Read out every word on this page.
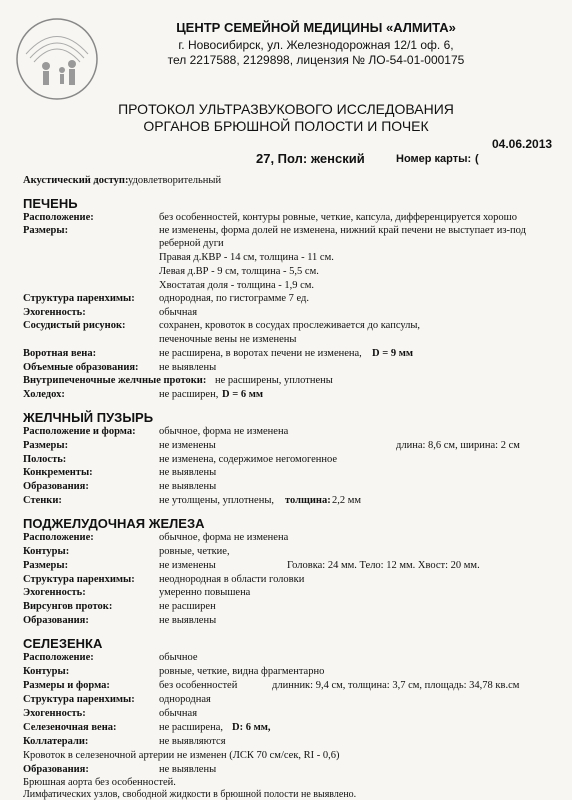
ЦЕНТР СЕМЕЙНОЙ МЕДИЦИНЫ «АЛМИТА»
г. Новосибирск, ул. Железнодорожная 12/1 оф. 6,
тел 2217588, 2129898, лицензия № ЛО-54-01-000175
ПРОТОКОЛ УЛЬТРАЗВУКОВОГО ИССЛЕДОВАНИЯ
ОРГАНОВ БРЮШНОЙ ПОЛОСТИ И ПОЧЕК
04.06.2013
27, Пол: женский	Номер карты: (
Акустический доступ: удовлетворительный
ПЕЧЕНЬ
Расположение:	без особенностей, контуры ровные, четкие, капсула, дифференцируется хорошо
Размеры:	не изменены, форма долей не изменена, нижний край печени не выступает из-под
реберной дуги
Правая д.КВР - 14 см, толщина - 11 см.
Левая д.ВР - 9 см, толщина - 5,5 см.
Хвостатая доля - толщина - 1,9 см.
Структура паренхимы: однородная, по гистограмме 7 ед.
Эхогенность:	обычная
Сосудистый рисунок:	сохранен, кровоток в сосудах прослеживается до капсулы,
печеночные вены не изменены
Воротная вена:	не расширена, в воротах печени не изменена, D = 9 мм
Объемные образования: не выявлены
Внутрипеченочные желчные протоки: не расширены, уплотнены
Холедох:	не расширен, D = 6 мм
ЖЕЛЧНЫЙ ПУЗЫРЬ
Расположение и форма: обычное, форма не изменена
Размеры:	не изменены	длина: 8,6 см, ширина: 2 см
Полость:	не изменена, содержимое негомогенное
Конкременты:	не выявлены
Образования:	не выявлены
Стенки:	не утолщены, уплотнены, толщина: 2,2 мм
ПОДЖЕЛУДОЧНАЯ ЖЕЛЕЗА
Расположение:	обычное, форма не изменена
Контуры:	ровные, четкие,
Размеры:	не изменены	Головка: 24 мм. Тело: 12 мм. Хвост: 20 мм.
Структура паренхимы: неоднородная в области головки
Эхогенность:	умеренно повышена
Вирсунгов проток:	не расширен
Образования:	не выявлены
СЕЛЕЗЕНКА
Расположение:	обычное
Контуры:	ровные, четкие, видна фрагментарно
Размеры и форма:	без особенностей	длинник: 9,4 см, толщина: 3,7 см, площадь: 34,78 кв.см
Структура паренхимы: однородная
Эхогенность:	обычная
Селезеночная вена:	не расширена, D: 6 мм,
Коллатерали:	не выявляются
Кровоток в селезеночной артерии не изменен (ЛСК 70 см/сек, RI - 0,6)
Образования:	не выявлены
Брюшная аорта без особенностей.
Лимфатических узлов, свободной жидкости в брюшной полости не выявлено.
